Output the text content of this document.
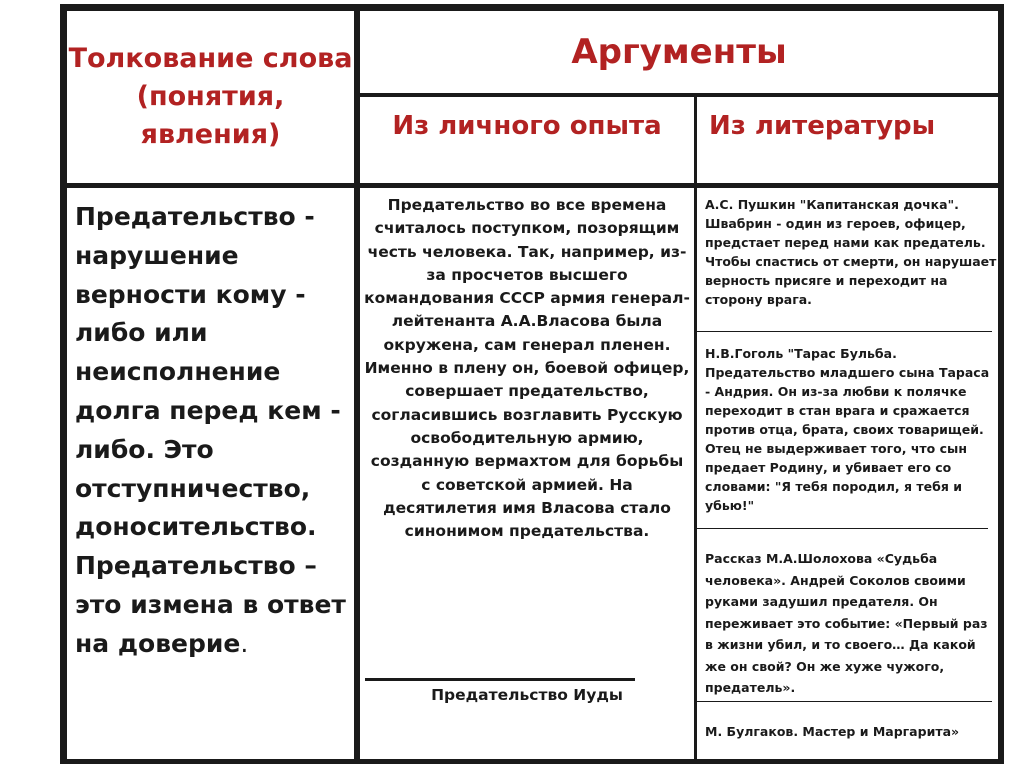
Толкование слова (понятия, явления)
Аргументы
Из личного опыта	Из литературы
Предательство - нарушение верности кому - либо или неисполнение долга перед кем - либо. Это отступничество, доносительство. Предательство – это измена в ответ на доверие.
Предательство во все времена считалось поступком, позорящим честь человека. Так, например, из-за просчетов высшего командования СССР армия генерал-лейтенанта А.А.Власова была окружена, сам генерал пленен. Именно в плену он, боевой офицер, совершает предательство, согласившись возглавить Русскую освободительную армию, созданную вермахтом для борьбы с советской армией. На десятилетия имя Власова стало синонимом предательства.
Предательство Иуды
А.С. Пушкин "Капитанская дочка". Швабрин - один из героев, офицер, предстает перед нами как предатель. Чтобы спастись от смерти, он нарушает верность присяге и переходит на сторону врага.
Н.В.Гоголь "Тарас Бульба. Предательство младшего сына Тараса - Андрия. Он из-за любви к полячке переходит в стан врага и сражается против отца, брата, своих товарищей. Отец не выдерживает того, что сын предает Родину, и убивает его со словами: "Я тебя породил, я тебя и убью!"
Рассказ М.А.Шолохова «Судьба человека». Андрей Соколов своими руками задушил предателя. Он переживает это событие: «Первый раз в жизни убил, и то своего… Да какой же он свой? Он же хуже чужого, предатель».
М. Булгаков. Мастер и Маргарита»
